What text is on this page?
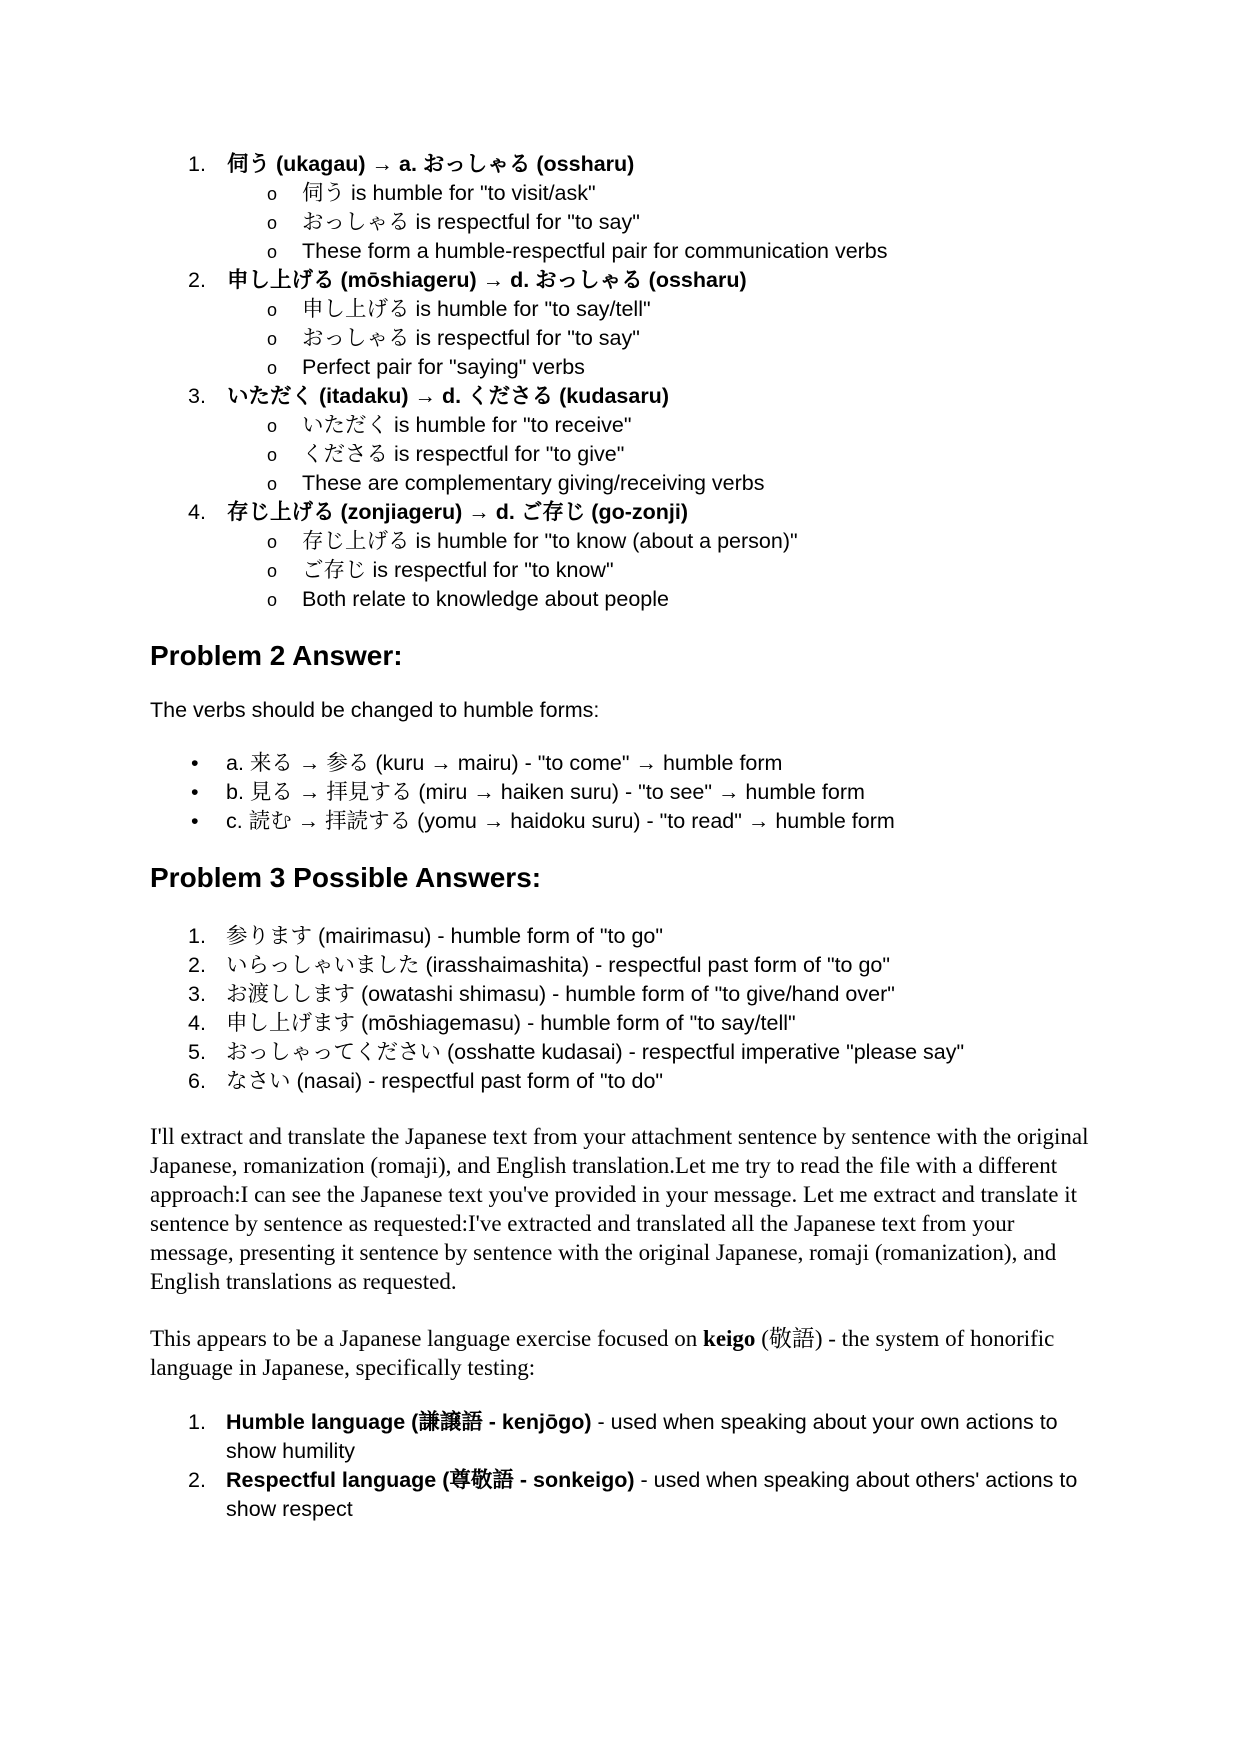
1. 伺う (ukagau) → a. おっしゃる (ossharu)
o 伺う is humble for "to visit/ask"
o おっしゃる is respectful for "to say"
o These form a humble-respectful pair for communication verbs
2. 申し上げる (mōshiageru) → d. おっしゃる (ossharu)
o 申し上げる is humble for "to say/tell"
o おっしゃる is respectful for "to say"
o Perfect pair for "saying" verbs
3. いただく (itadaku) → d. くださる (kudasaru)
o いただく is humble for "to receive"
o くださる is respectful for "to give"
o These are complementary giving/receiving verbs
4. 存じ上げる (zonjiageru) → d. ご存じ (go-zonji)
o 存じ上げる is humble for "to know (about a person)"
o ご存じ is respectful for "to know"
o Both relate to knowledge about people
Problem 2 Answer:

The verbs should be changed to humble forms:

• a. 来る → 参る (kuru → mairu) - "to come" → humble form
• b. 見る → 拝見する (miru → haiken suru) - "to see" → humble form
• c. 読む → 拝読する (yomu → haidoku suru) - "to read" → humble form
Problem 3 Possible Answers:
1. 参ります (mairimasu) - humble form of "to go"
2. いらっしゃいました (irasshaimashita) - respectful past form of "to go"
3. お渡しします (owatashi shimasu) - humble form of "to give/hand over"
4. 申し上げます (mōshiagemasu) - humble form of "to say/tell"
5. おっしゃってください (osshatte kudasai) - respectful imperative "please say"
6. なさい (nasai) - respectful past form of "to do"

I'll extract and translate the Japanese text from your attachment sentence by sentence with the original Japanese, romanization (romaji), and English translation.Let me try to read the file with a different approach:I can see the Japanese text you've provided in your message. Let me extract and translate it sentence by sentence as requested:I've extracted and translated all the Japanese text from your message, presenting it sentence by sentence with the original Japanese, romaji (romanization), and English translations as requested.

This appears to be a Japanese language exercise focused on keigo (敬語) - the system of honorific language in Japanese, specifically testing:

1. Humble language (謙譲語 - kenjōgo) - used when speaking about your own actions to show humility
2. Respectful language (尊敬語 - sonkeigo) - used when speaking about others' actions to show respect
